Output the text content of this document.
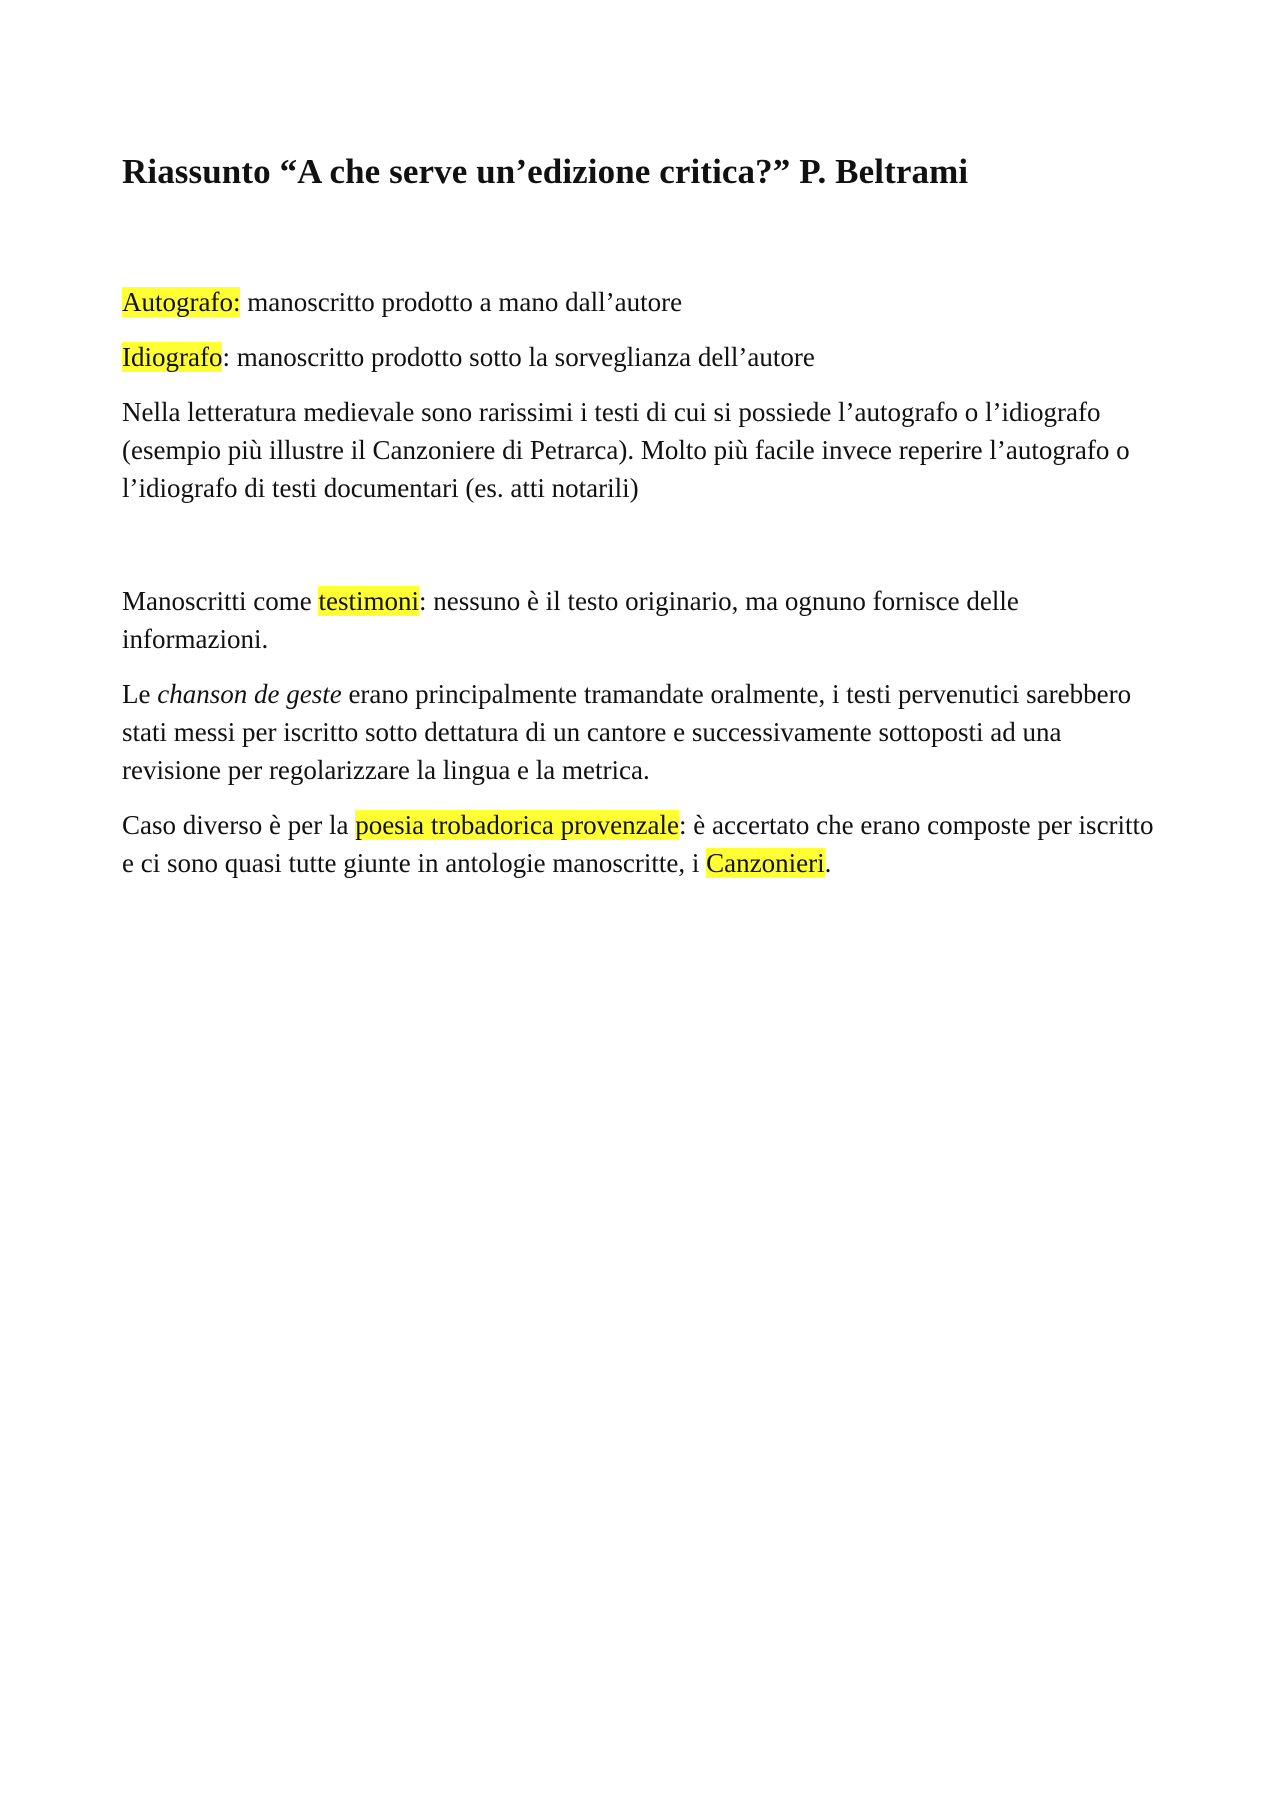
Riassunto “A che serve un’edizione critica?” P. Beltrami

Autografo: manoscritto prodotto a mano dall’autore

Idiografo: manoscritto prodotto sotto la sorveglianza dell’autore

Nella letteratura medievale sono rarissimi i testi di cui si possiede l’autografo o l’idiografo (esempio più illustre il Canzoniere di Petrarca). Molto più facile invece reperire l’autografo o l’idiografo di testi documentari (es. atti notarili)

Manoscritti come testimoni: nessuno è il testo originario, ma ognuno fornisce delle informazioni.

Le chanson de geste erano principalmente tramandate oralmente, i testi pervenutici sarebbero stati messi per iscritto sotto dettatura di un cantore e successivamente sottoposti ad una revisione per regolarizzare la lingua e la metrica.

Caso diverso è per la poesia trobadorica provenzale: è accertato che erano composte per iscritto e ci sono quasi tutte giunte in antologie manoscritte, i Canzonieri.
